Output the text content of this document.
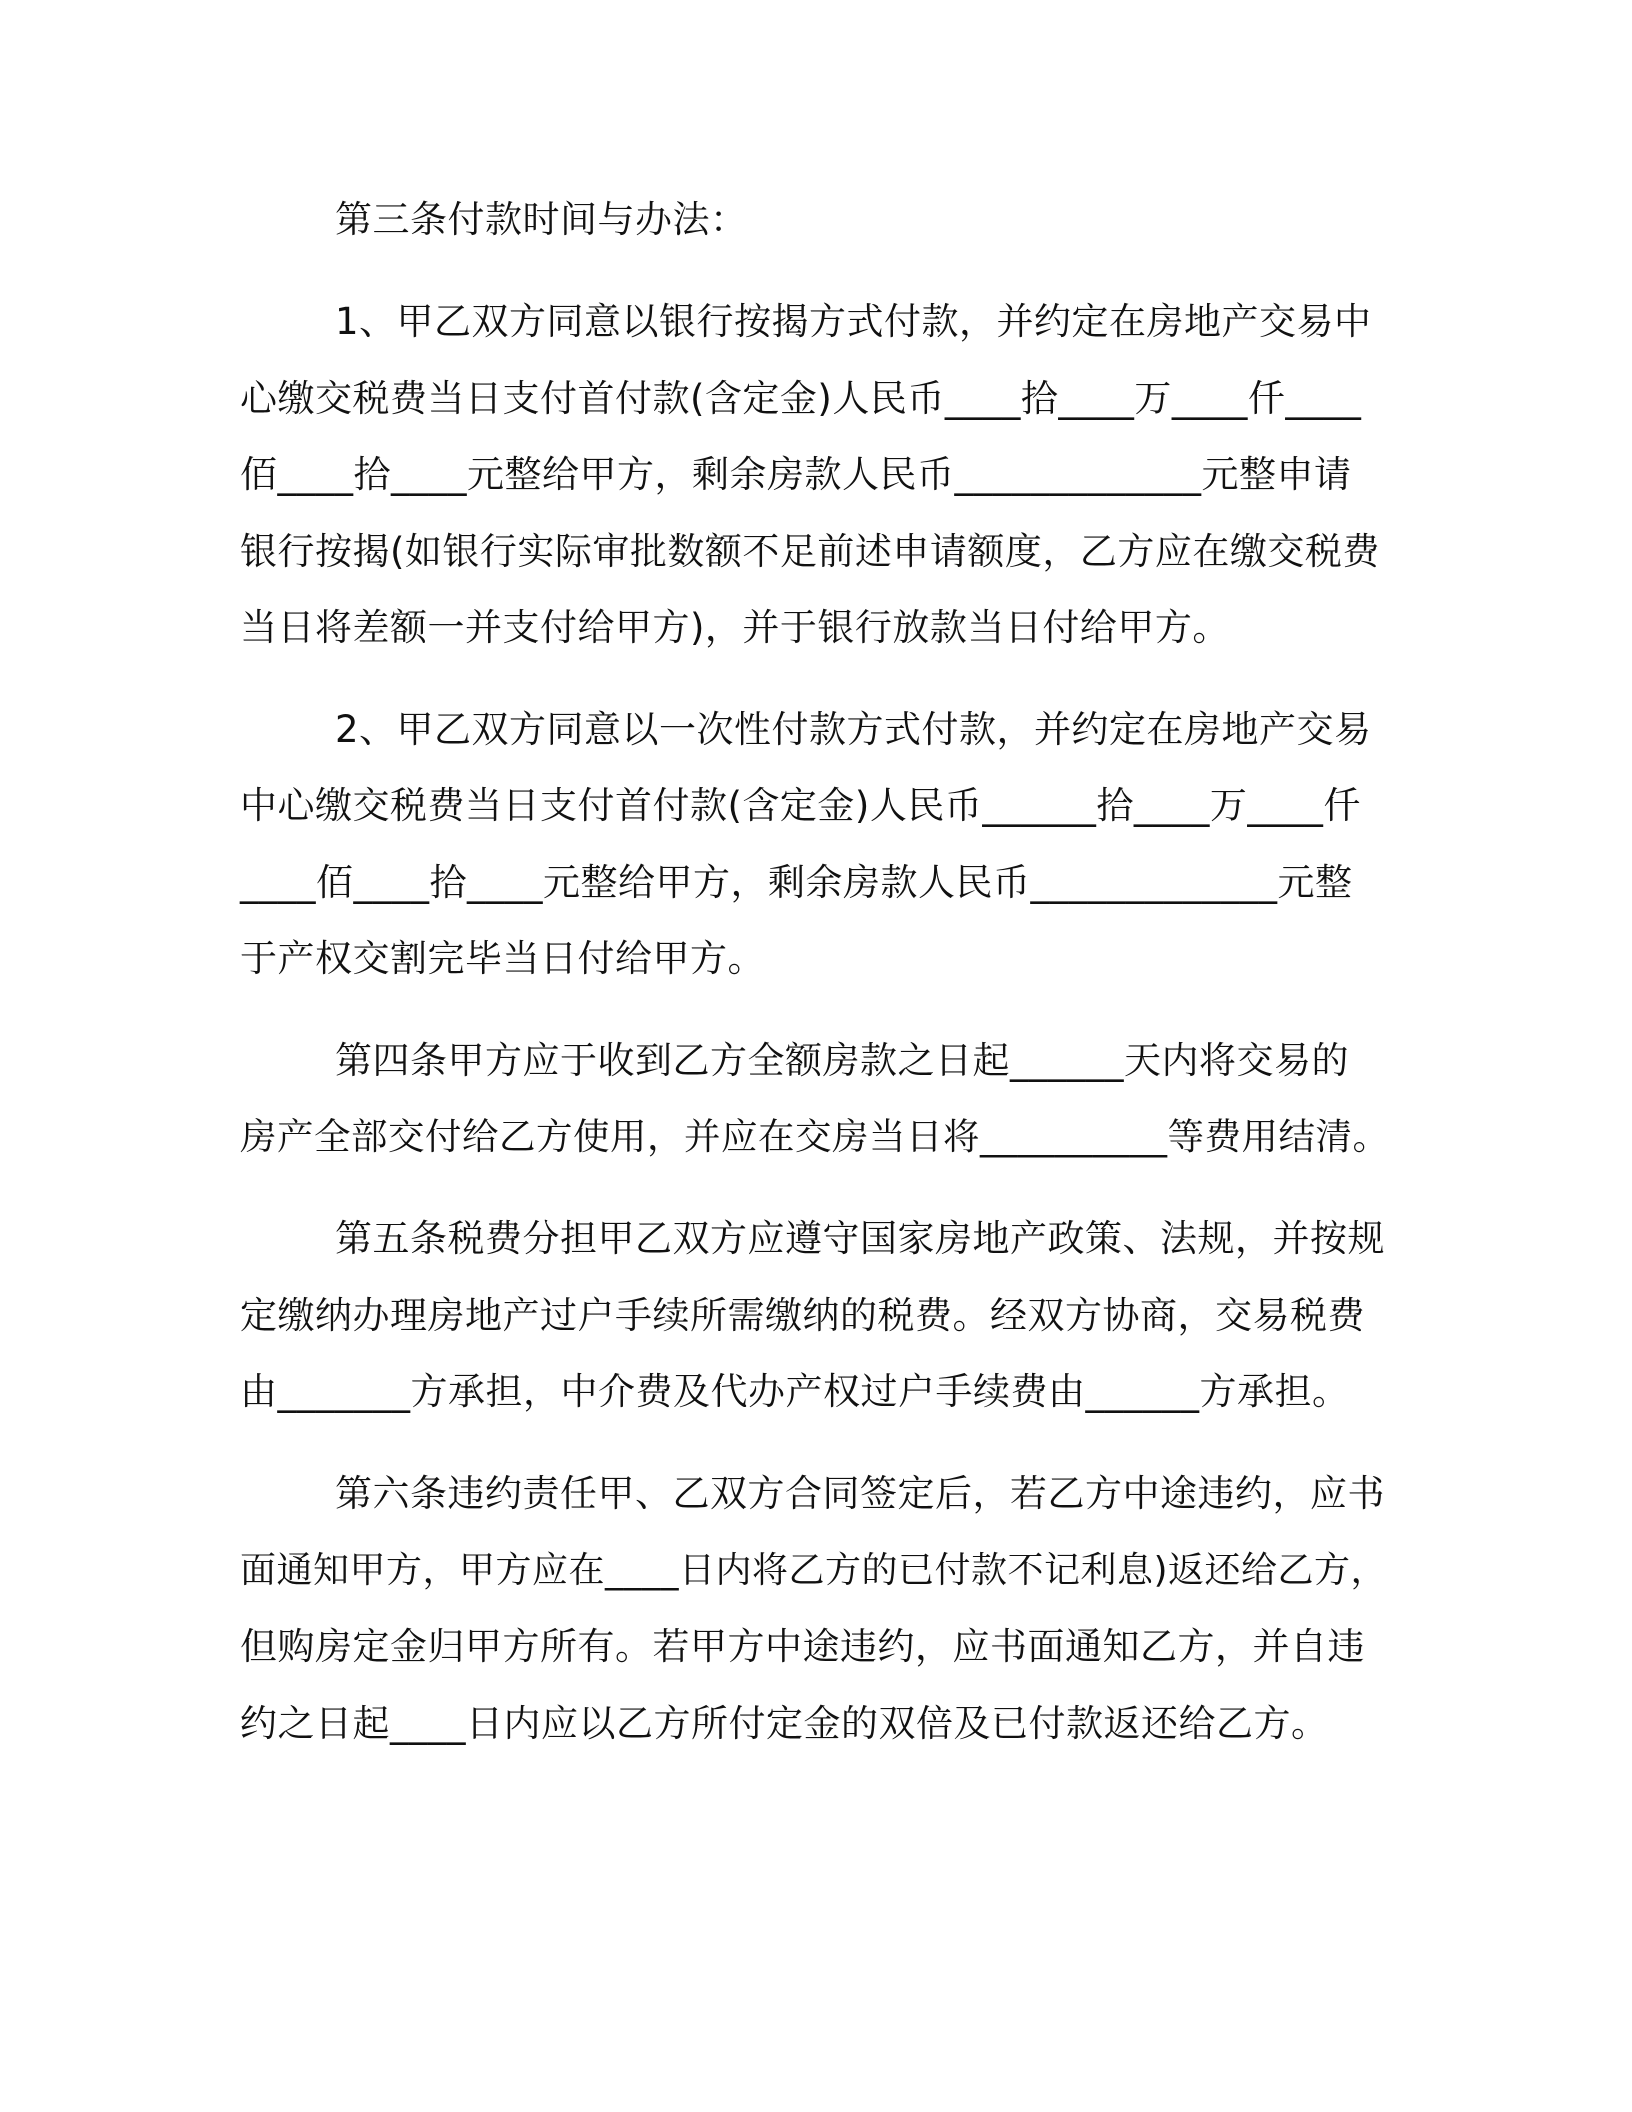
第三条付款时间与办法：
1、甲乙双方同意以银行按揭方式付款，并约定在房地产交易中
心缴交税费当日支付首付款(含定金)人民币____拾____万____仟____
佰____拾____元整给甲方，剩余房款人民币_____________元整申请
银行按揭(如银行实际审批数额不足前述申请额度，乙方应在缴交税费
当日将差额一并支付给甲方)，并于银行放款当日付给甲方。
2、甲乙双方同意以一次性付款方式付款，并约定在房地产交易
中心缴交税费当日支付首付款(含定金)人民币______拾____万____仟
____佰____拾____元整给甲方，剩余房款人民币_____________元整
于产权交割完毕当日付给甲方。
第四条甲方应于收到乙方全额房款之日起______天内将交易的
房产全部交付给乙方使用，并应在交房当日将__________等费用结清。
第五条税费分担甲乙双方应遵守国家房地产政策、法规，并按规
定缴纳办理房地产过户手续所需缴纳的税费。经双方协商，交易税费
由_______方承担，中介费及代办产权过户手续费由______方承担。
第六条违约责任甲、乙双方合同签定后，若乙方中途违约，应书
面通知甲方，甲方应在____日内将乙方的已付款不记利息)返还给乙方，
但购房定金归甲方所有。若甲方中途违约，应书面通知乙方，并自违
约之日起____日内应以乙方所付定金的双倍及已付款返还给乙方。
